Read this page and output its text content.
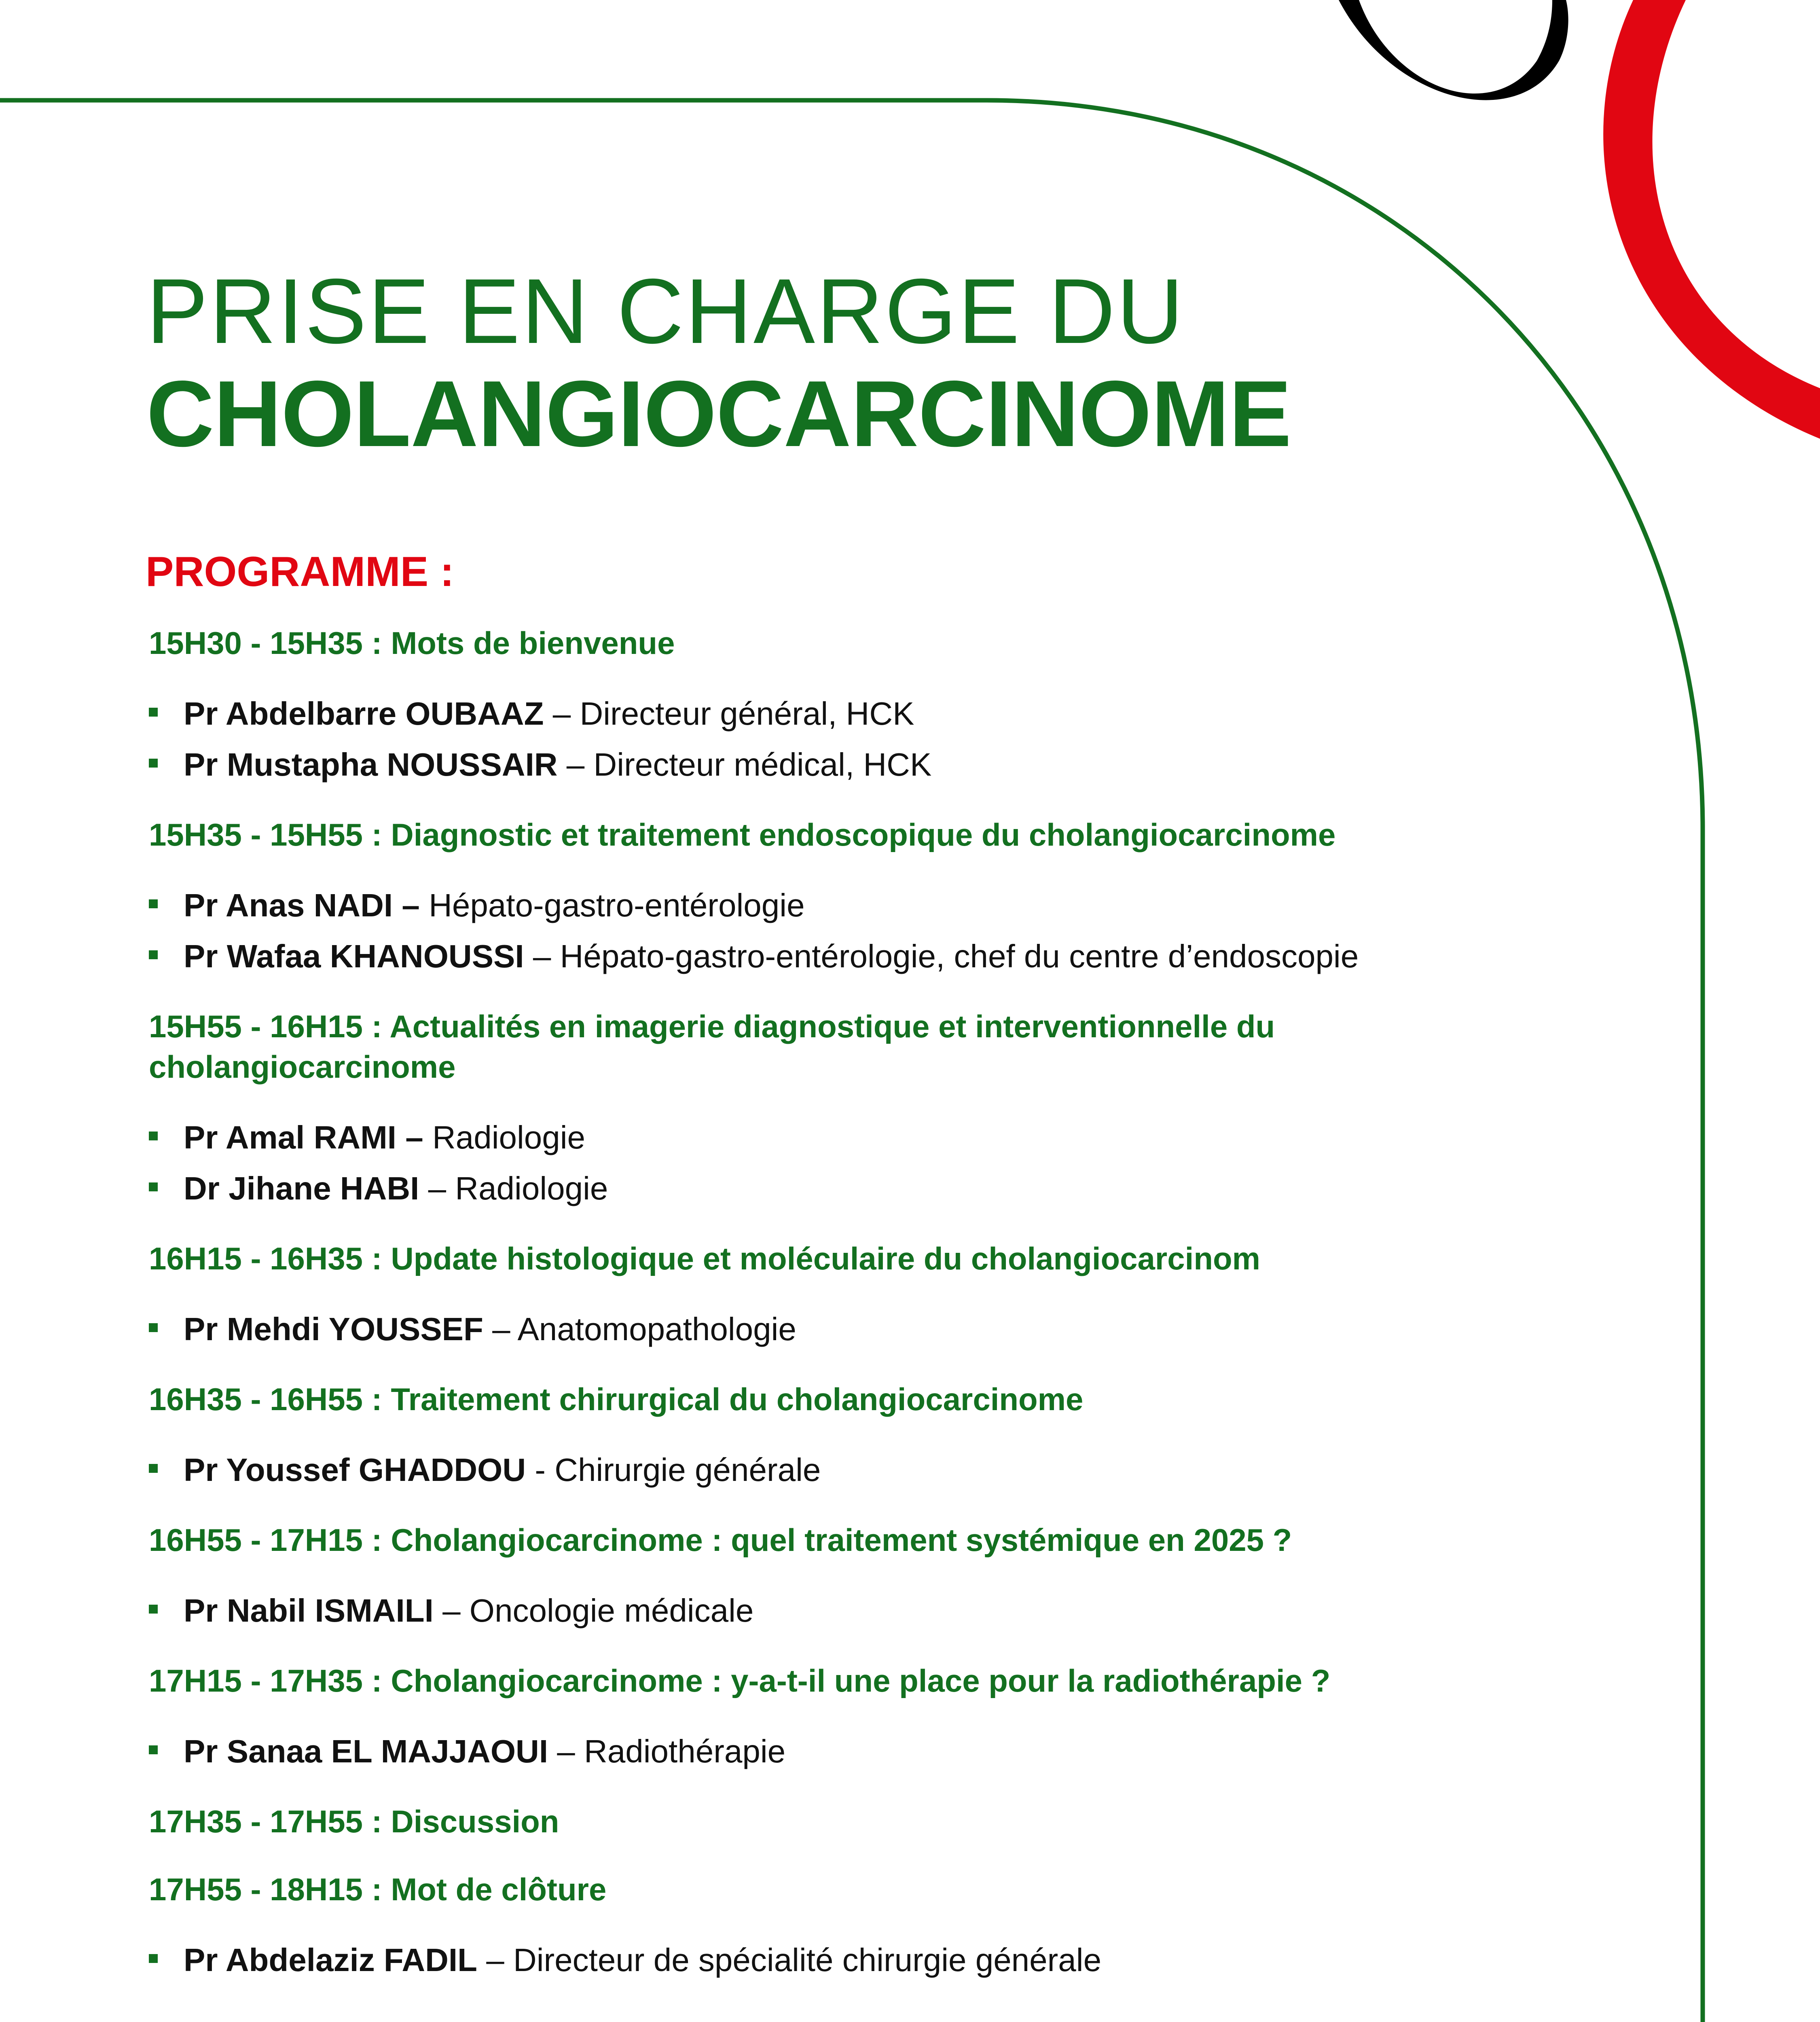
PRISE EN CHARGE DU
CHOLANGIOCARCINOME
PROGRAMME :
15H30 - 15H35 : Mots de bienvenue
Pr Abdelbarre OUBAAZ – Directeur général, HCK
Pr Mustapha NOUSSAIR – Directeur médical, HCK
15H35 - 15H55 : Diagnostic et traitement endoscopique du cholangiocarcinome
Pr Anas NADI – Hépato-gastro-entérologie
Pr Wafaa KHANOUSSI – Hépato-gastro-entérologie, chef du centre d’endoscopie
15H55 - 16H15 : Actualités en imagerie diagnostique et interventionnelle du cholangiocarcinome
Pr Amal RAMI – Radiologie
Dr Jihane HABI – Radiologie
16H15 - 16H35 : Update histologique et moléculaire du cholangiocarcinom
Pr Mehdi YOUSSEF – Anatomopathologie
16H35 - 16H55 : Traitement chirurgical du cholangiocarcinome
Pr Youssef GHADDOU - Chirurgie générale
16H55 - 17H15 : Cholangiocarcinome : quel traitement systémique en 2025 ?
Pr Nabil ISMAILI – Oncologie médicale
17H15 - 17H35 : Cholangiocarcinome : y-a-t-il une place pour la radiothérapie ?
Pr Sanaa EL MAJJAOUI – Radiothérapie
17H35 - 17H55 : Discussion
17H55 - 18H15 : Mot de clôture
Pr Abdelaziz FADIL – Directeur de spécialité chirurgie générale
